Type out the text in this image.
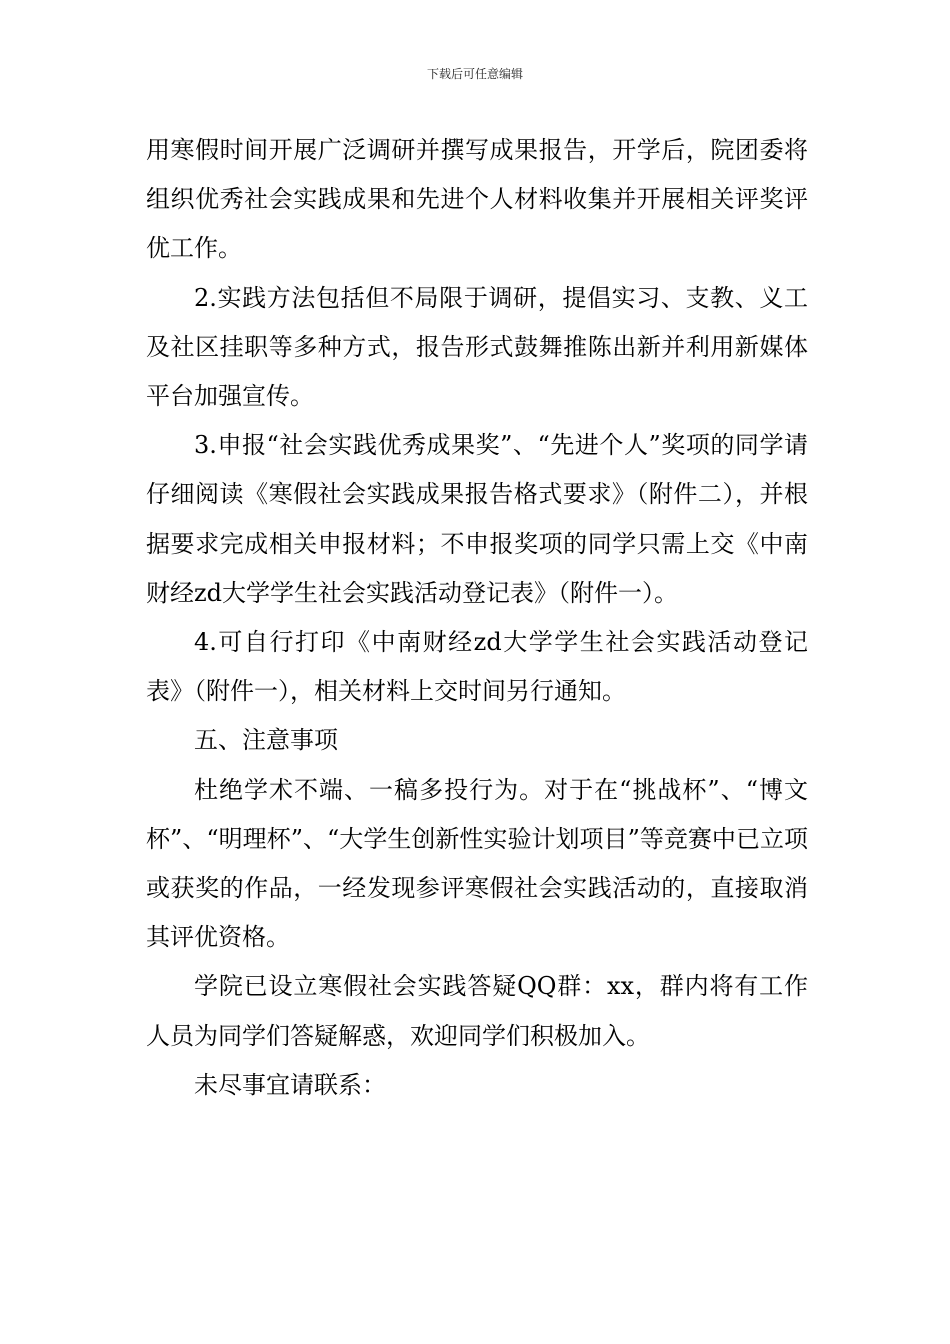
下载后可任意编辑

用寒假时间开展广泛调研并撰写成果报告，开学后，院团委将组织优秀社会实践成果和先进个人材料收集并开展相关评奖评优工作。

2.实践方法包括但不局限于调研，提倡实习、支教、义工及社区挂职等多种方式，报告形式鼓舞推陈出新并利用新媒体平台加强宣传。

3.申报“社会实践优秀成果奖”、“先进个人”奖项的同学请仔细阅读《寒假社会实践成果报告格式要求》（附件二），并根据要求完成相关申报材料；不申报奖项的同学只需上交《中南财经zd大学学生社会实践活动登记表》（附件一）。

4.可自行打印《中南财经zd大学学生社会实践活动登记表》（附件一），相关材料上交时间另行通知。

五、注意事项

杜绝学术不端、一稿多投行为。对于在“挑战杯”、“博文杯”、“明理杯”、“大学生创新性实验计划项目”等竞赛中已立项或获奖的作品，一经发现参评寒假社会实践活动的，直接取消其评优资格。

学院已设立寒假社会实践答疑QQ群：xx，群内将有工作人员为同学们答疑解惑，欢迎同学们积极加入。

未尽事宜请联系：
